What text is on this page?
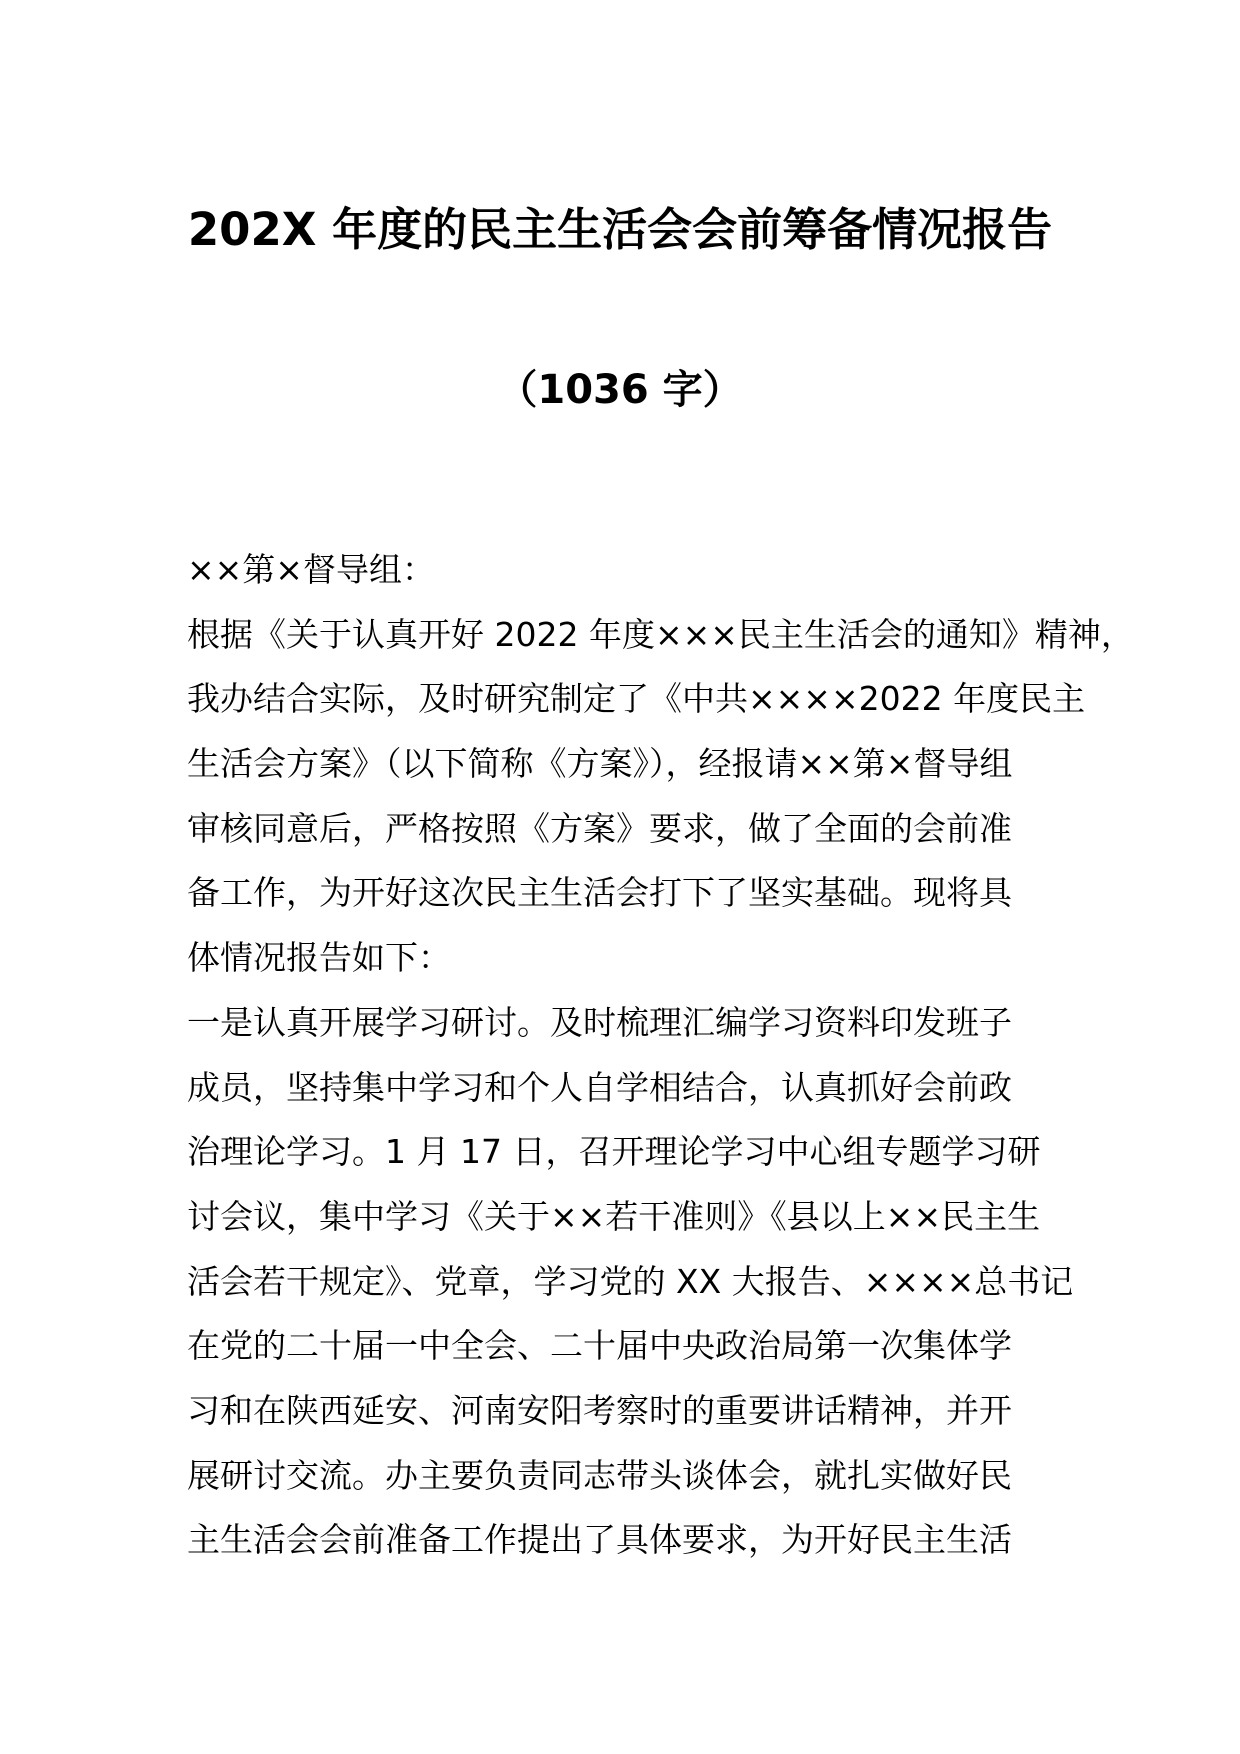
202X 年度的民主生活会会前筹备情况报告
（1036 字）
××第×督导组：
根据《关于认真开好 2022 年度×××民主生活会的通知》精神，
我办结合实际，及时研究制定了《中共××××2022 年度民主
生活会方案》（以下简称《方案》），经报请××第×督导组
审核同意后，严格按照《方案》要求，做了全面的会前准
备工作，为开好这次民主生活会打下了坚实基础。现将具
体情况报告如下：
一是认真开展学习研讨。及时梳理汇编学习资料印发班子
成员，坚持集中学习和个人自学相结合，认真抓好会前政
治理论学习。1 月 17 日，召开理论学习中心组专题学习研
讨会议，集中学习《关于××若干准则》《县以上××民主生
活会若干规定》、党章，学习党的 XX 大报告、××××总书记
在党的二十届一中全会、二十届中央政治局第一次集体学
习和在陕西延安、河南安阳考察时的重要讲话精神，并开
展研讨交流。办主要负责同志带头谈体会，就扎实做好民
主生活会会前准备工作提出了具体要求，为开好民主生活
